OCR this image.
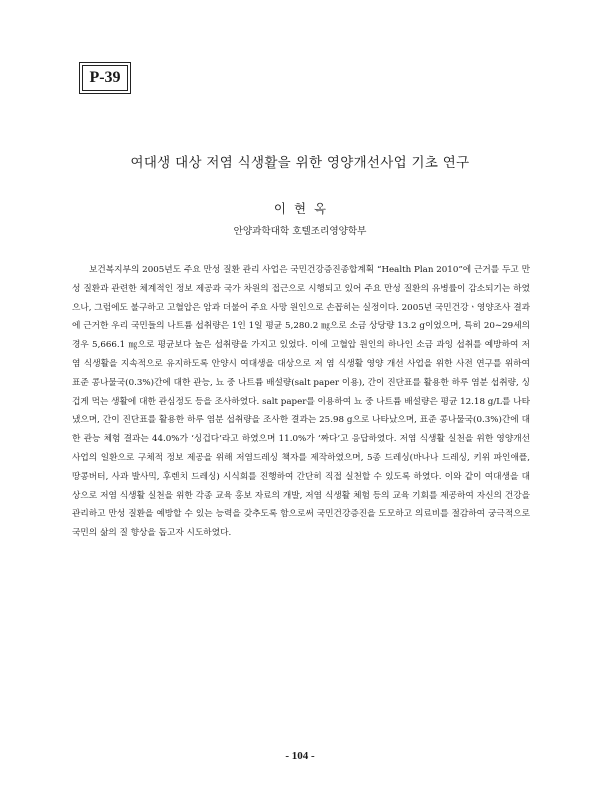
P-39
여대생 대상 저염 식생활을 위한 영양개선사업 기초 연구
이 현 옥
안양과학대학 호텔조리영양학부
보건복지부의 2005년도 주요 만성 질환 관리 사업은 국민건강증진종합계획 “Health Plan 2010”에 근거를 두고 만성 질환과 관련한 체계적인 정보 제공과 국가 차원의 접근으로 시행되고 있어 주요 만성 질환의 유병률이 감소되기는 하였으나, 그럼에도 불구하고 고혈압은 암과 더불어 주요 사망 원인으로 손꼽히는 실정이다. 2005년 국민건강ㆍ영양조사 결과에 근거한 우리 국민들의 나트륨 섭취량은 1인 1일 평균 5,280.2 ㎎으로 소금 상당량 13.2 g이었으며, 특히 20∼29세의 경우 5,666.1 ㎎으로 평균보다 높은 섭취량을 가지고 있었다. 이에 고혈압 원인의 하나인 소금 과잉 섭취를 예방하여 저 염 식생활을 지속적으로 유지하도록 안양시 여대생을 대상으로 저 염 식생활 영양 개선 사업을 위한 사전 연구를 위하여 표준 콩나물국(0.3%)간에 대한 관능, 뇨 중 나트륨 배설량(salt paper 이용), 간이 진단표를 활용한 하루 염분 섭취량, 싱겁게 먹는 생활에 대한 관심정도 등을 조사하였다. salt paper를 이용하여 뇨 중 나트륨 배설량은 평균 12.18 g/L를 나타냈으며, 간이 진단표를 활용한 하루 염분 섭취량을 조사한 결과는 25.98 g으로 나타났으며, 표준 콩나물국(0.3%)간에 대한 관능 체험 결과는 44.0%가 ‘싱겁다’라고 하였으며 11.0%가 ‘짜다’고 응답하였다. 저염 식생활 실천을 위한 영양개선 사업의 일환으로 구체적 정보 제공을 위해 저염드레싱 책자를 제작하였으며, 5종 드레싱(바나나 드레싱, 키위 파인애플, 땅콩버터, 사과 발사믹, 후렌치 드레싱) 시식회를 진행하여 간단히 직접 실천할 수 있도록 하였다. 이와 같이 여대생을 대상으로 저염 식생활 실천을 위한 각종 교육 홍보 자료의 개발, 저염 식생활 체험 등의 교육 기회를 제공하여 자신의 건강을 관리하고 만성 질환을 예방할 수 있는 능력을 갖추도록 함으로써 국민건강증진을 도모하고 의료비를 절감하여 궁극적으로 국민의 삶의 질 향상을 돕고자 시도하였다.
- 104 -
